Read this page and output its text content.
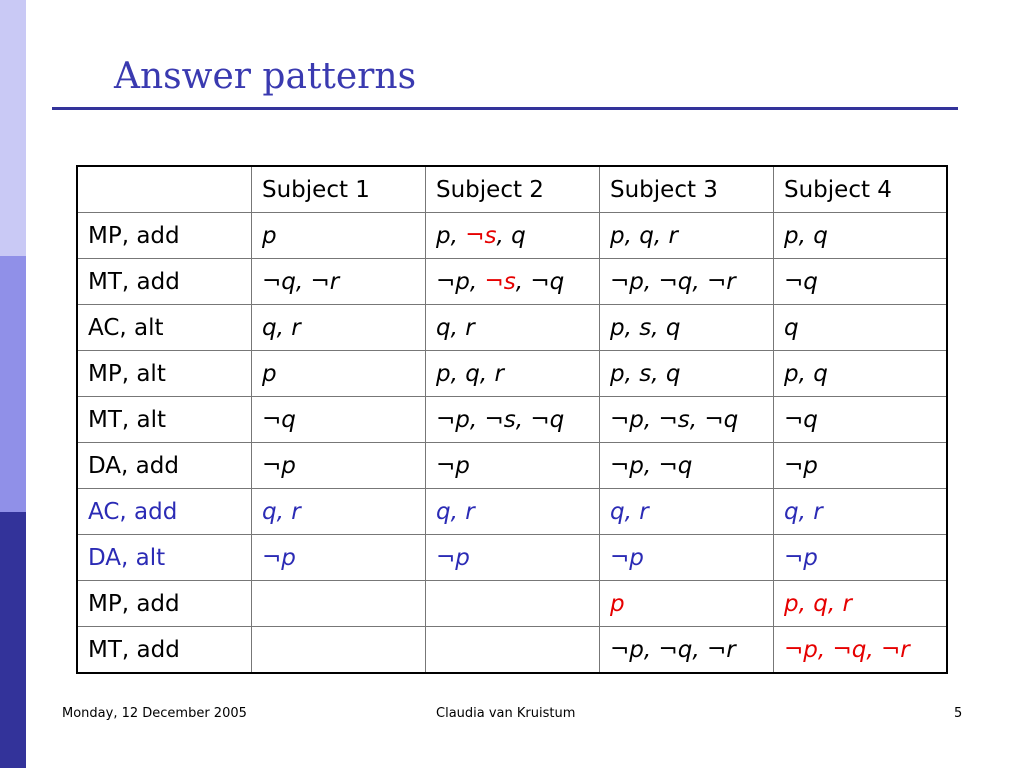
Answer patterns
	Subject 1	Subject 2	Subject 3	Subject 4
MP, add	p	p, ¬s, q	p, q, r	p, q
MT, add	¬q, ¬r	¬p, ¬s, ¬q	¬p, ¬q, ¬r	¬q
AC, alt	q, r	q, r	p, s, q	q
MP, alt	p	p, q, r	p, s, q	p, q
MT, alt	¬q	¬p, ¬s, ¬q	¬p, ¬s, ¬q	¬q
DA, add	¬p	¬p	¬p, ¬q	¬p
AC, add	q, r	q, r	q, r	q, r
DA, alt	¬p	¬p	¬p	¬p
MP, add			p	p, q, r
MT, add			¬p, ¬q, ¬r	¬p, ¬q, ¬r
Monday, 12 December 2005	Claudia van Kruistum	5
